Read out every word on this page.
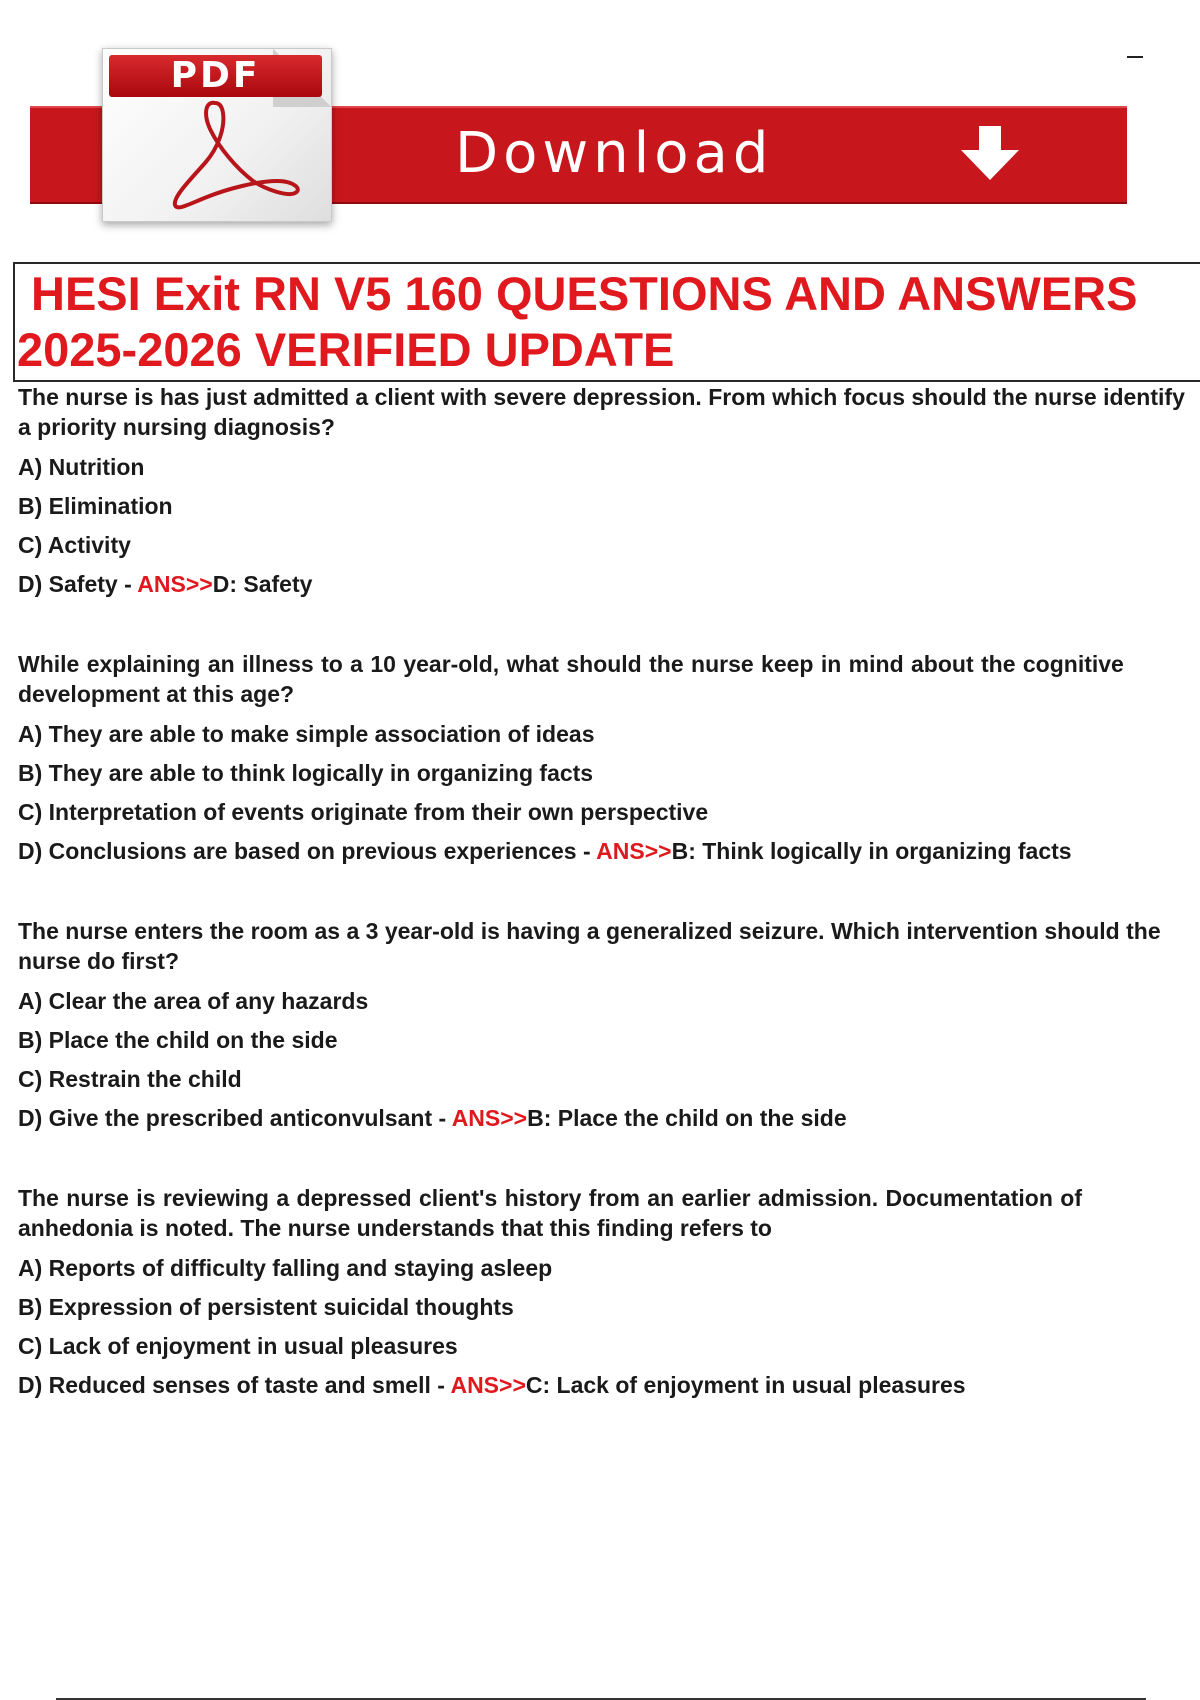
Download
PDF
HESI Exit RN V5 160 QUESTIONS AND ANSWERS
2025-2026 VERIFIED UPDATE

The nurse is has just admitted a client with severe depression. From which focus should the nurse identify

a priority nursing diagnosis?

A) Nutrition

B) Elimination

C) Activity

D) Safety - ANS>>D: Safety

While explaining an illness to a 10 year-old, what should the nurse keep in mind about the cognitive

development at this age?

A) They are able to make simple association of ideas

B) They are able to think logically in organizing facts

C) Interpretation of events originate from their own perspective

D) Conclusions are based on previous experiences - ANS>>B: Think logically in organizing facts

The nurse enters the room as a 3 year-old is having a generalized seizure. Which intervention should the

nurse do first?

A) Clear the area of any hazards

B) Place the child on the side

C) Restrain the child

D) Give the prescribed anticonvulsant - ANS>>B: Place the child on the side

The nurse is reviewing a depressed client's history from an earlier admission. Documentation of

anhedonia is noted. The nurse understands that this finding refers to

A) Reports of difficulty falling and staying asleep

B) Expression of persistent suicidal thoughts

C) Lack of enjoyment in usual pleasures

D) Reduced senses of taste and smell - ANS>>C: Lack of enjoyment in usual pleasures
